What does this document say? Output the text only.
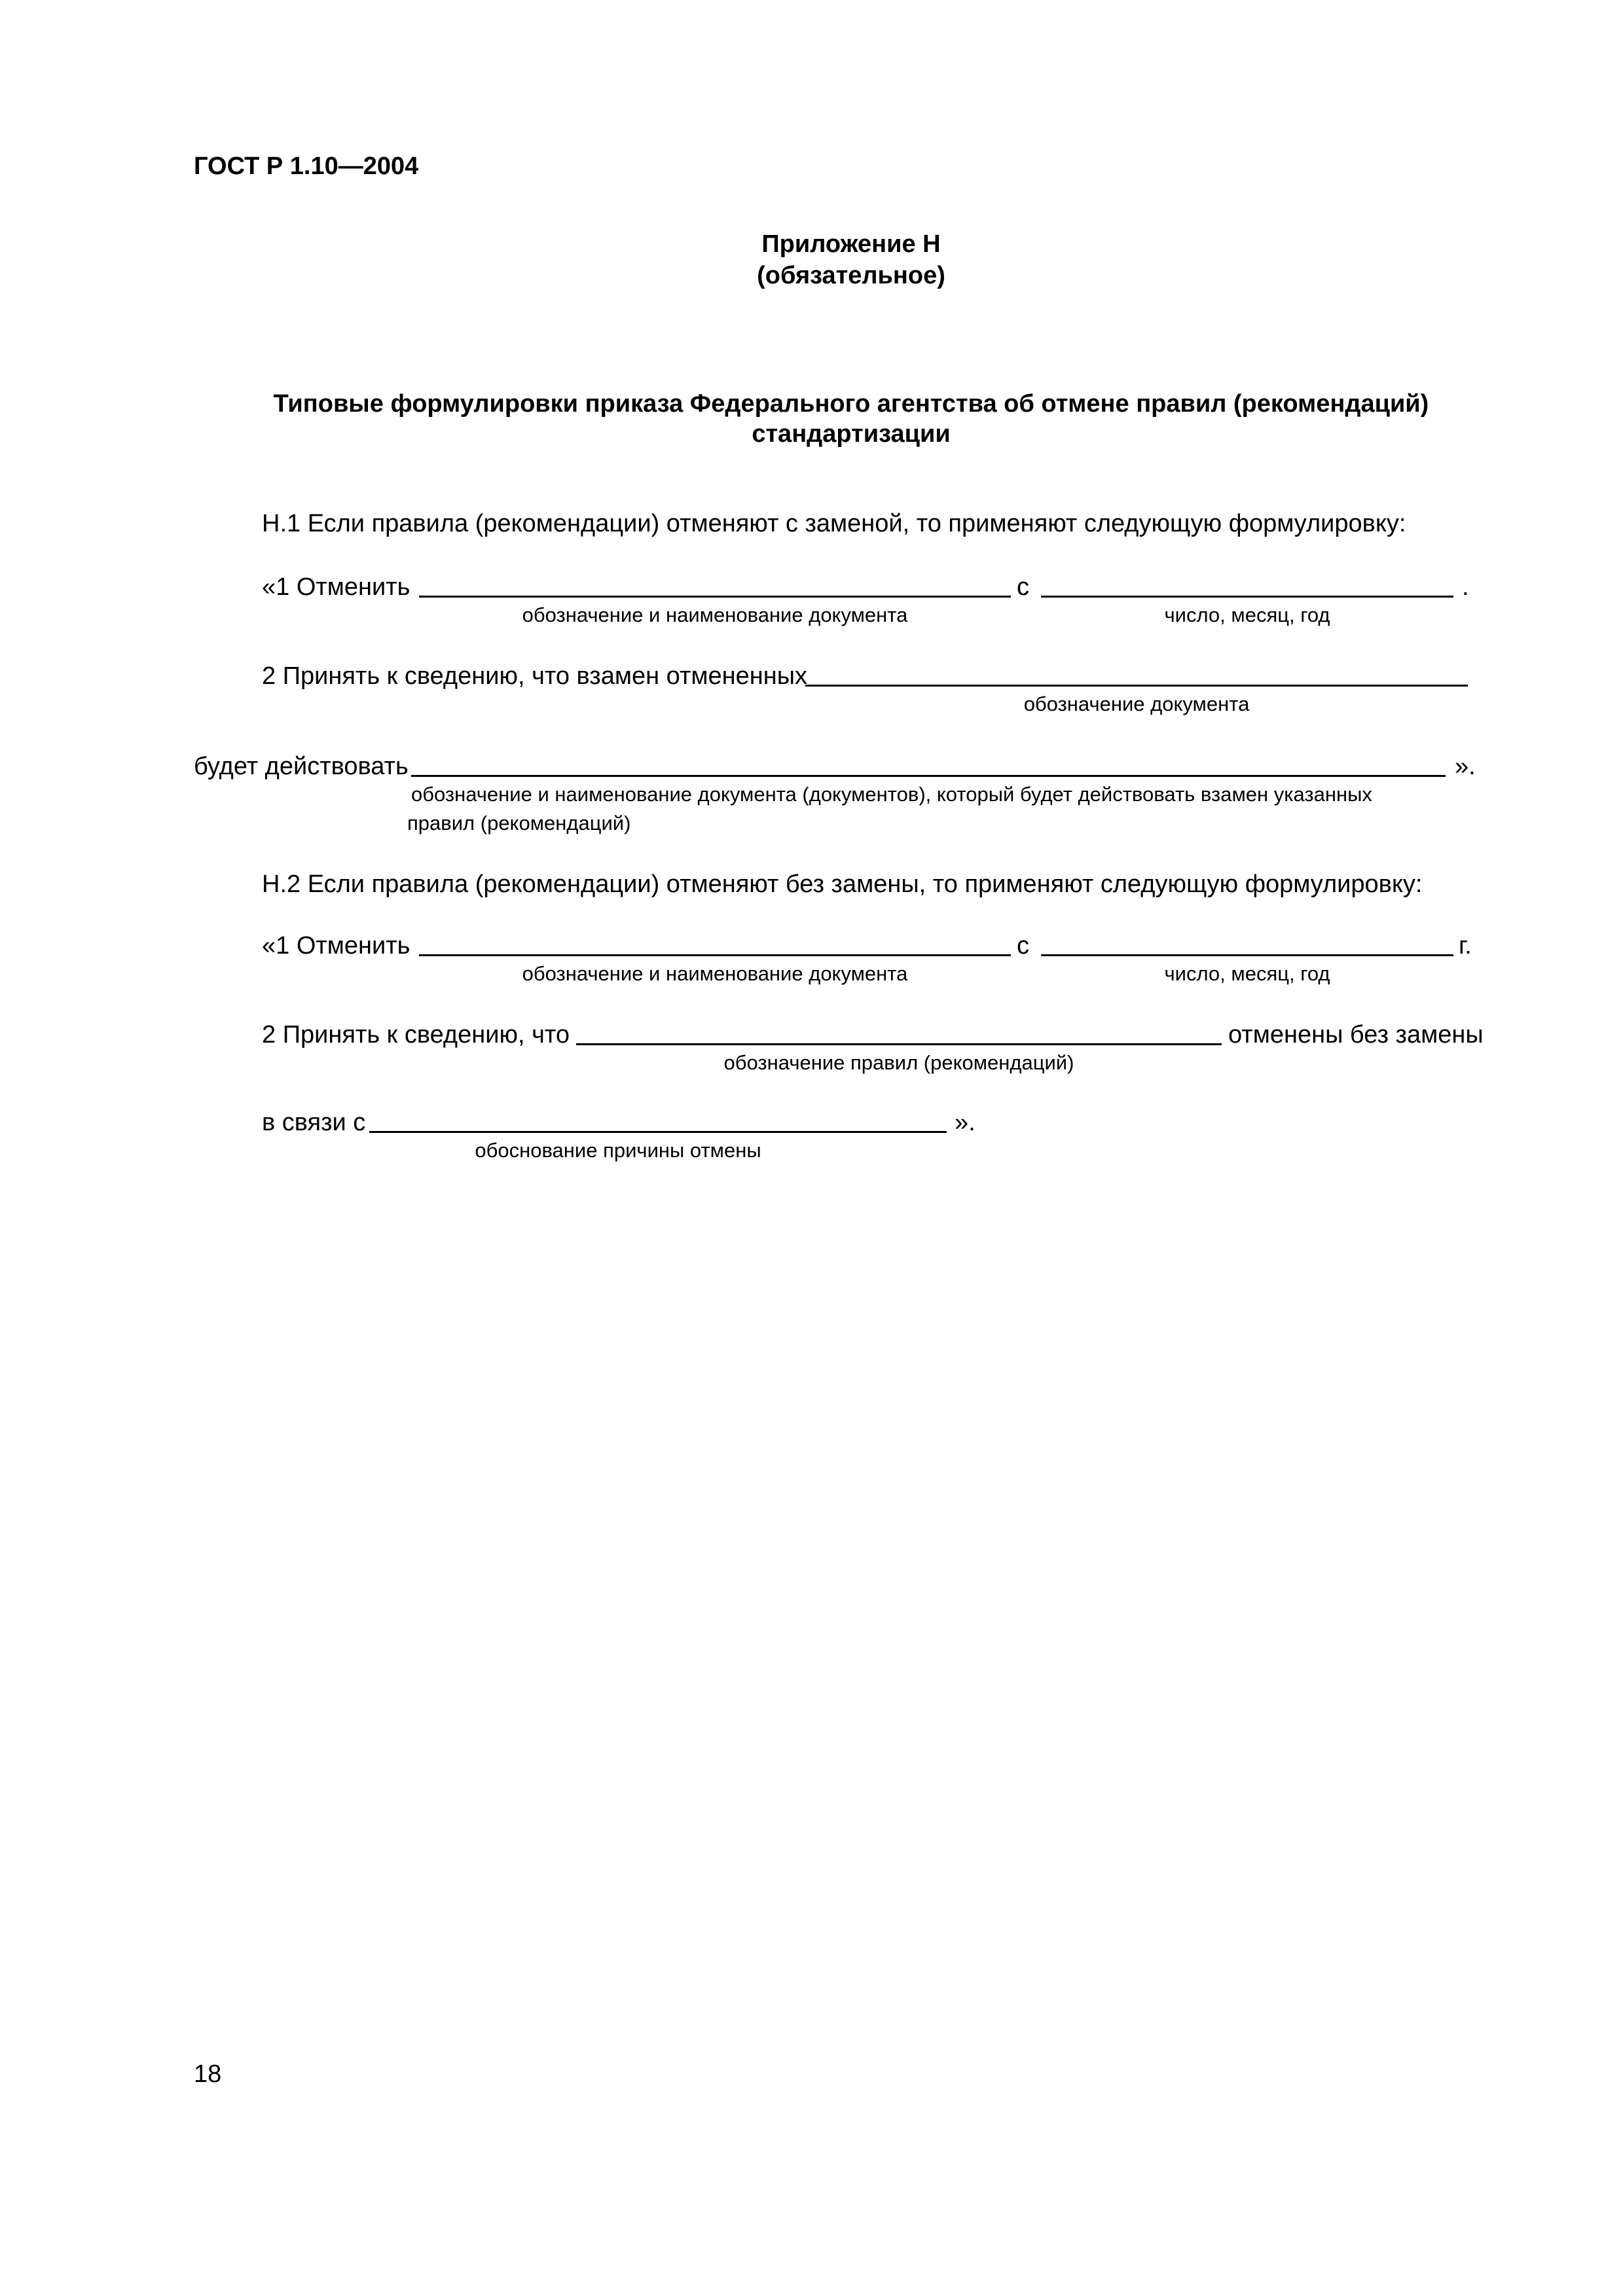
ГОСТ Р 1.10—2004
Приложение Н
(обязательное)
Типовые формулировки приказа Федерального агентства об отмене правил (рекомендаций)
стандартизации
Н.1 Если правила (рекомендации) отменяют с заменой, то применяют следующую формулировку:
«1 Отменить	с	.
обозначение и наименование документа	число, месяц, год
2 Принять к сведению, что взамен отмененных
обозначение документа
будет действовать	».
обозначение и наименование документа (документов), который будет действовать взамен указанных
правил (рекомендаций)
Н.2 Если правила (рекомендации) отменяют без замены, то применяют следующую формулировку:
«1 Отменить	с	г.
обозначение и наименование документа	число, месяц, год
2 Принять к сведению, что	отменены без замены
обозначение правил (рекомендаций)
в связи с	».
обоснование причины отмены
18
